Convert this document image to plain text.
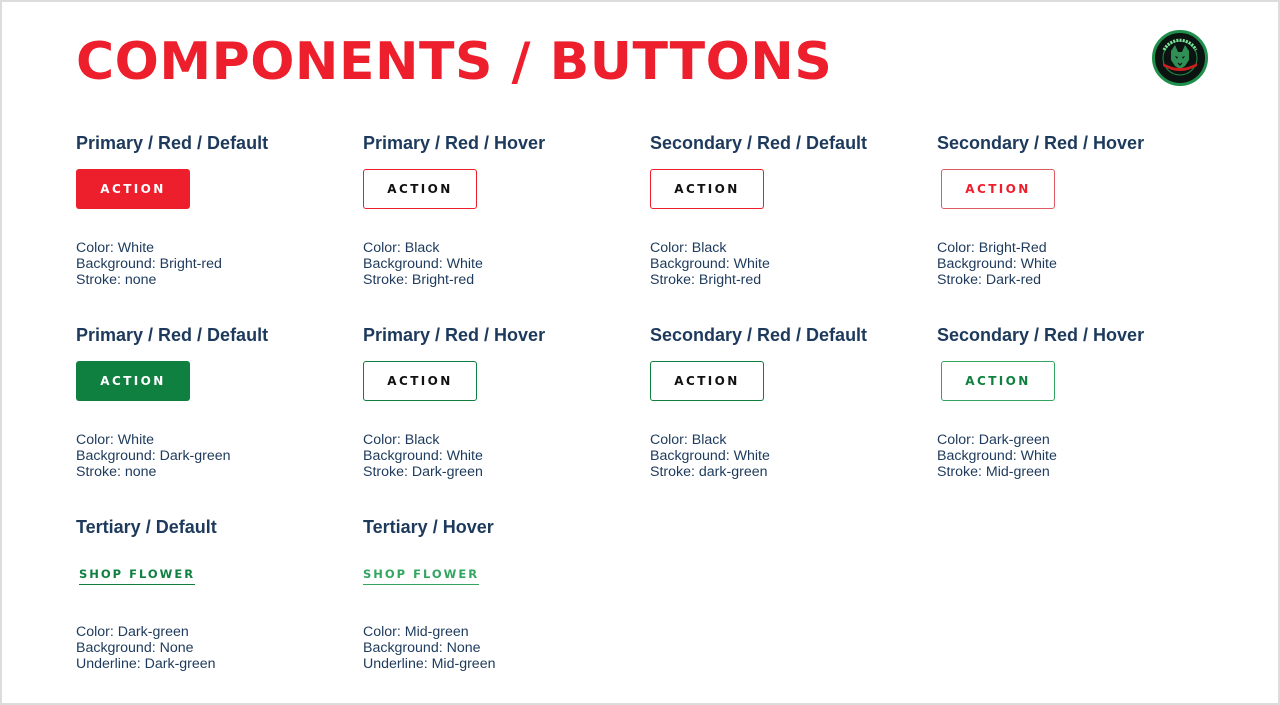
COMPONENTS / BUTTONS
Primary / Red / Default
ACTION
Color: White
Background: Bright-red
Stroke: none
Primary / Red / Hover
ACTION
Color: Black
Background: White
Stroke: Bright-red
Secondary / Red / Default
ACTION
Color: Black
Background: White
Stroke: Bright-red
Secondary / Red / Hover
ACTION
Color: Bright-Red
Background: White
Stroke: Dark-red
Primary / Red / Default
ACTION
Color: White
Background: Dark-green
Stroke: none
Primary / Red / Hover
ACTION
Color: Black
Background: White
Stroke: Dark-green
Secondary / Red / Default
ACTION
Color: Black
Background: White
Stroke: dark-green
Secondary / Red / Hover
ACTION
Color: Dark-green
Background: White
Stroke: Mid-green
Tertiary / Default
SHOP FLOWER
Color: Dark-green
Background: None
Underline: Dark-green
Tertiary / Hover
SHOP FLOWER
Color: Mid-green
Background: None
Underline: Mid-green
